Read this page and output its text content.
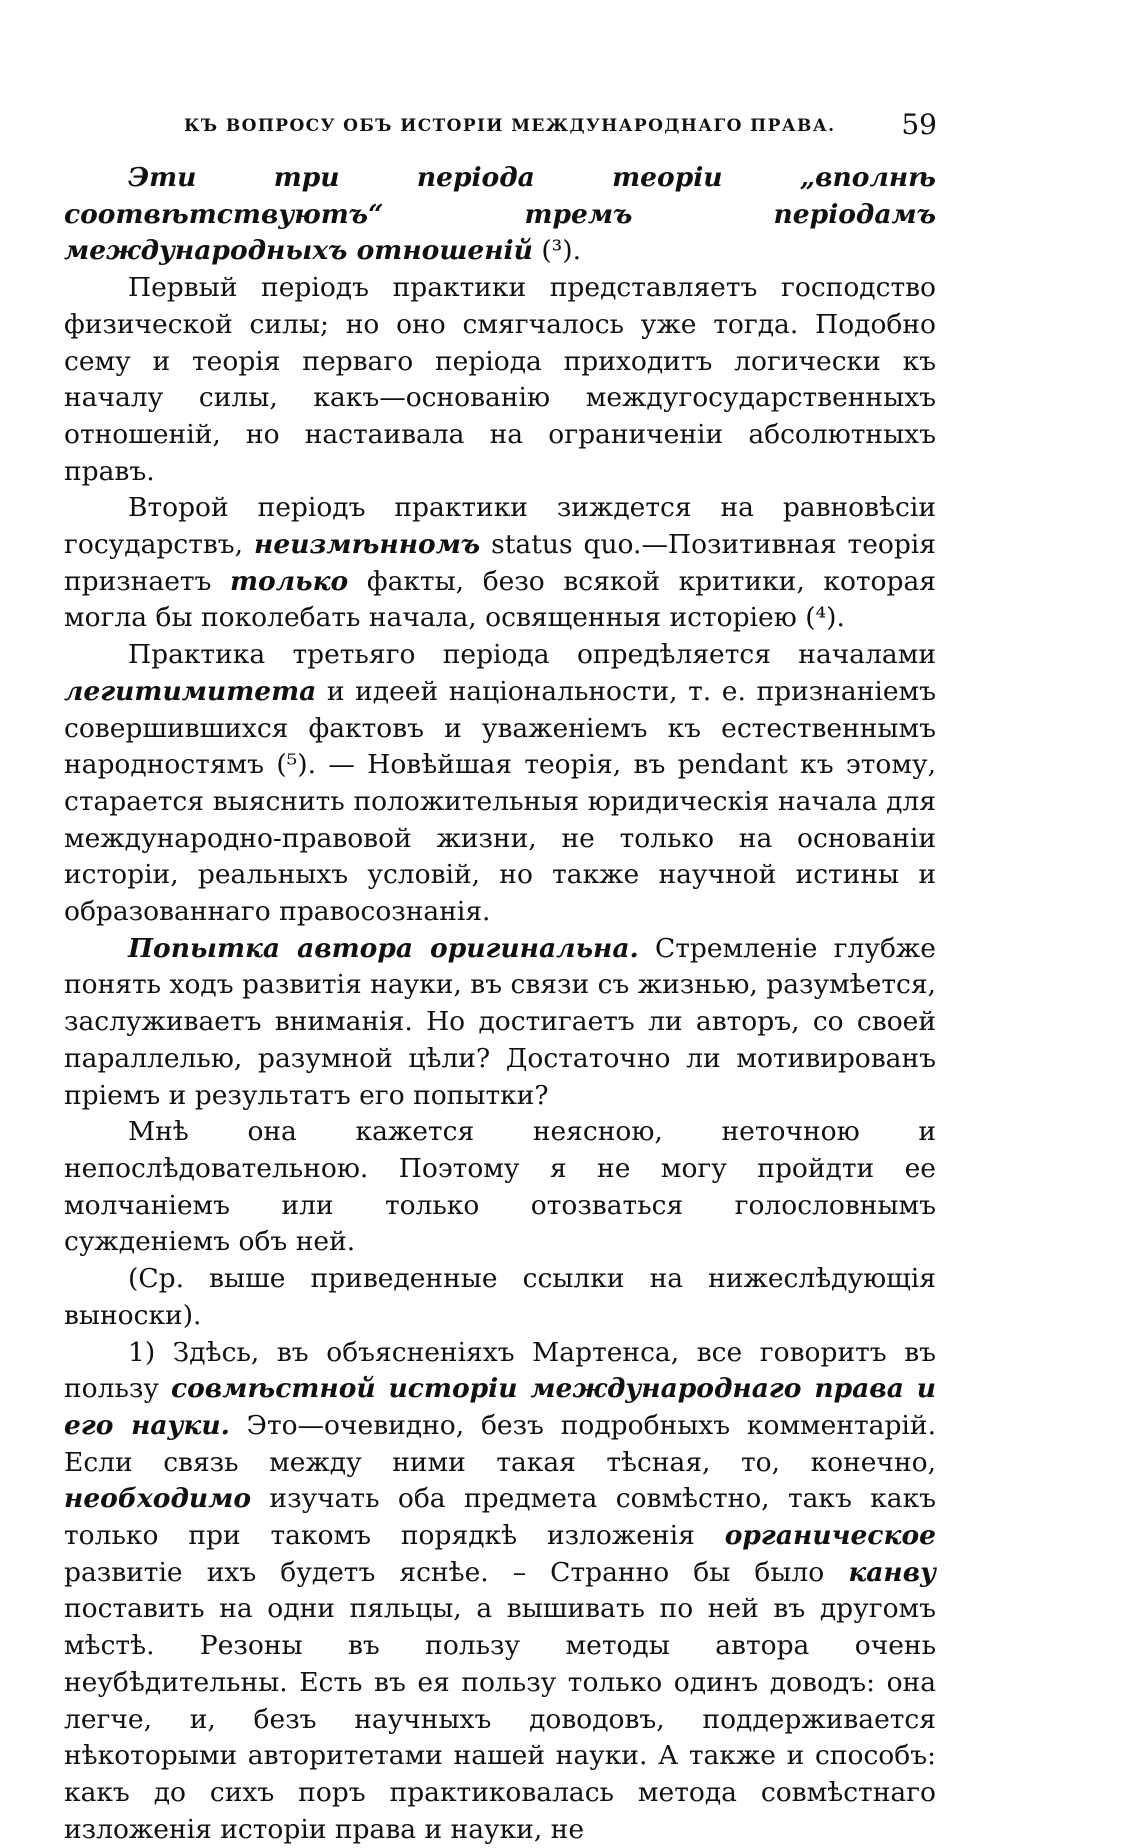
КЪ ВОПРОСУ ОБЪ ИСТОРІИ МЕЖДУНАРОДНАГО ПРАВА. 59

Эти три періода теоріи „вполнѣ соотвѣтствуютъ“ тремъ періодамъ международныхъ отношеній (³).

Первый періодъ практики представляетъ господство физической силы; но оно смягчалось уже тогда. Подобно сему и теорія перваго періода приходитъ логически къ началу силы, какъ—основанію междугосударственныхъ отношеній, но настаивала на ограниченіи абсолютныхъ правъ.

Второй періодъ практики зиждется на равновѣсіи государствъ, неизмѣнномъ status quo.—Позитивная теорія признаетъ только факты, безо всякой критики, которая могла бы поколебать начала, освященныя исторіею (⁴).

Практика третьяго періода опредѣляется началами легитимитета и идеей національности, т. е. признаніемъ совершившихся фактовъ и уваженіемъ къ естественнымъ народностямъ (⁵). — Новѣйшая теорія, въ pendant къ этому, старается выяснить положительныя юридическія начала для международно-правовой жизни, не только на основаніи исторіи, реальныхъ условій, но также научной истины и образованнаго правосознанія.

Попытка автора оригинальна. Стремленіе глубже понять ходъ развитія науки, въ связи съ жизнью, разумѣется, заслуживаетъ вниманія. Но достигаетъ ли авторъ, со своей параллелью, разумной цѣли? Достаточно ли мотивированъ пріемъ и результатъ его попытки?

Мнѣ она кажется неясною, неточною и непослѣдовательною. Поэтому я не могу пройдти ее молчаніемъ или только отозваться голословнымъ сужденіемъ объ ней.

(Ср. выше приведенные ссылки на нижеслѣдующія выноски).

1) Здѣсь, въ объясненіяхъ Мартенса, все говоритъ въ пользу совмѣстной исторіи международнаго права и его науки. Это—очевидно, безъ подробныхъ комментарій. Если связь между ними такая тѣсная, то, конечно, необходимо изучать оба предмета совмѣстно, такъ какъ только при такомъ порядкѣ изложенія органическое развитіе ихъ будетъ яснѣе. – Странно бы было канву поставить на одни пяльцы, а вышивать по ней въ другомъ мѣстѣ. Резоны въ пользу методы автора очень неубѣдительны. Есть въ ея пользу только одинъ доводъ: она легче, и, безъ научныхъ доводовъ, поддерживается нѣкоторыми авторитетами нашей науки. А также и способъ: какъ до сихъ поръ практиковалась метода совмѣстнаго изложенія исторіи права и науки, не
